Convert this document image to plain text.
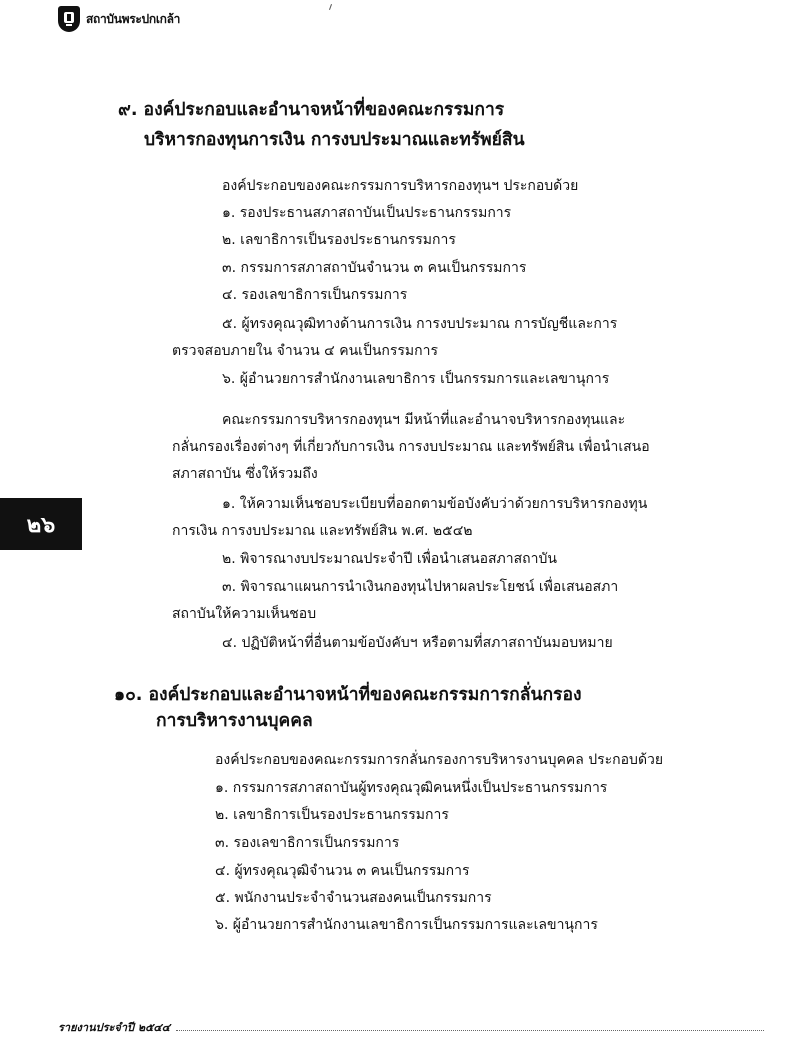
สถาบันพระปกเกล้า
๙. องค์ประกอบและอำนาจหน้าที่ของคณะกรรมการ
บริหารกองทุนการเงิน การงบประมาณและทรัพย์สิน
องค์ประกอบของคณะกรรมการบริหารกองทุนฯ ประกอบด้วย
๑. รองประธานสภาสถาบันเป็นประธานกรรมการ
๒. เลขาธิการเป็นรองประธานกรรมการ
๓. กรรมการสภาสถาบันจำนวน ๓ คนเป็นกรรมการ
๔. รองเลขาธิการเป็นกรรมการ
๕. ผู้ทรงคุณวุฒิทางด้านการเงิน การงบประมาณ การบัญชีและการ
ตรวจสอบภายใน จำนวน ๔ คนเป็นกรรมการ
๖. ผู้อำนวยการสำนักงานเลขาธิการ เป็นกรรมการและเลขานุการ
คณะกรรมการบริหารกองทุนฯ มีหน้าที่และอำนาจบริหารกองทุนและ
กลั่นกรองเรื่องต่างๆ ที่เกี่ยวกับการเงิน การงบประมาณ และทรัพย์สิน เพื่อนำเสนอ
สภาสถาบัน ซึ่งให้รวมถึง
๑. ให้ความเห็นชอบระเบียบที่ออกตามข้อบังคับว่าด้วยการบริหารกองทุน
การเงิน การงบประมาณ และทรัพย์สิน พ.ศ. ๒๕๔๒
๒. พิจารณางบประมาณประจำปี เพื่อนำเสนอสภาสถาบัน
๓. พิจารณาแผนการนำเงินกองทุนไปหาผลประโยชน์ เพื่อเสนอสภา
สถาบันให้ความเห็นชอบ
๔. ปฏิบัติหน้าที่อื่นตามข้อบังคับฯ หรือตามที่สภาสถาบันมอบหมาย
๑๐. องค์ประกอบและอำนาจหน้าที่ของคณะกรรมการกลั่นกรอง
การบริหารงานบุคคล
องค์ประกอบของคณะกรรมการกลั่นกรองการบริหารงานบุคคล ประกอบด้วย
๑. กรรมการสภาสถาบันผู้ทรงคุณวุฒิคนหนึ่งเป็นประธานกรรมการ
๒. เลขาธิการเป็นรองประธานกรรมการ
๓. รองเลขาธิการเป็นกรรมการ
๔. ผู้ทรงคุณวุฒิจำนวน ๓ คนเป็นกรรมการ
๕. พนักงานประจำจำนวนสองคนเป็นกรรมการ
๖. ผู้อำนวยการสำนักงานเลขาธิการเป็นกรรมการและเลขานุการ
๒๖
รายงานประจำปี ๒๕๔๔
